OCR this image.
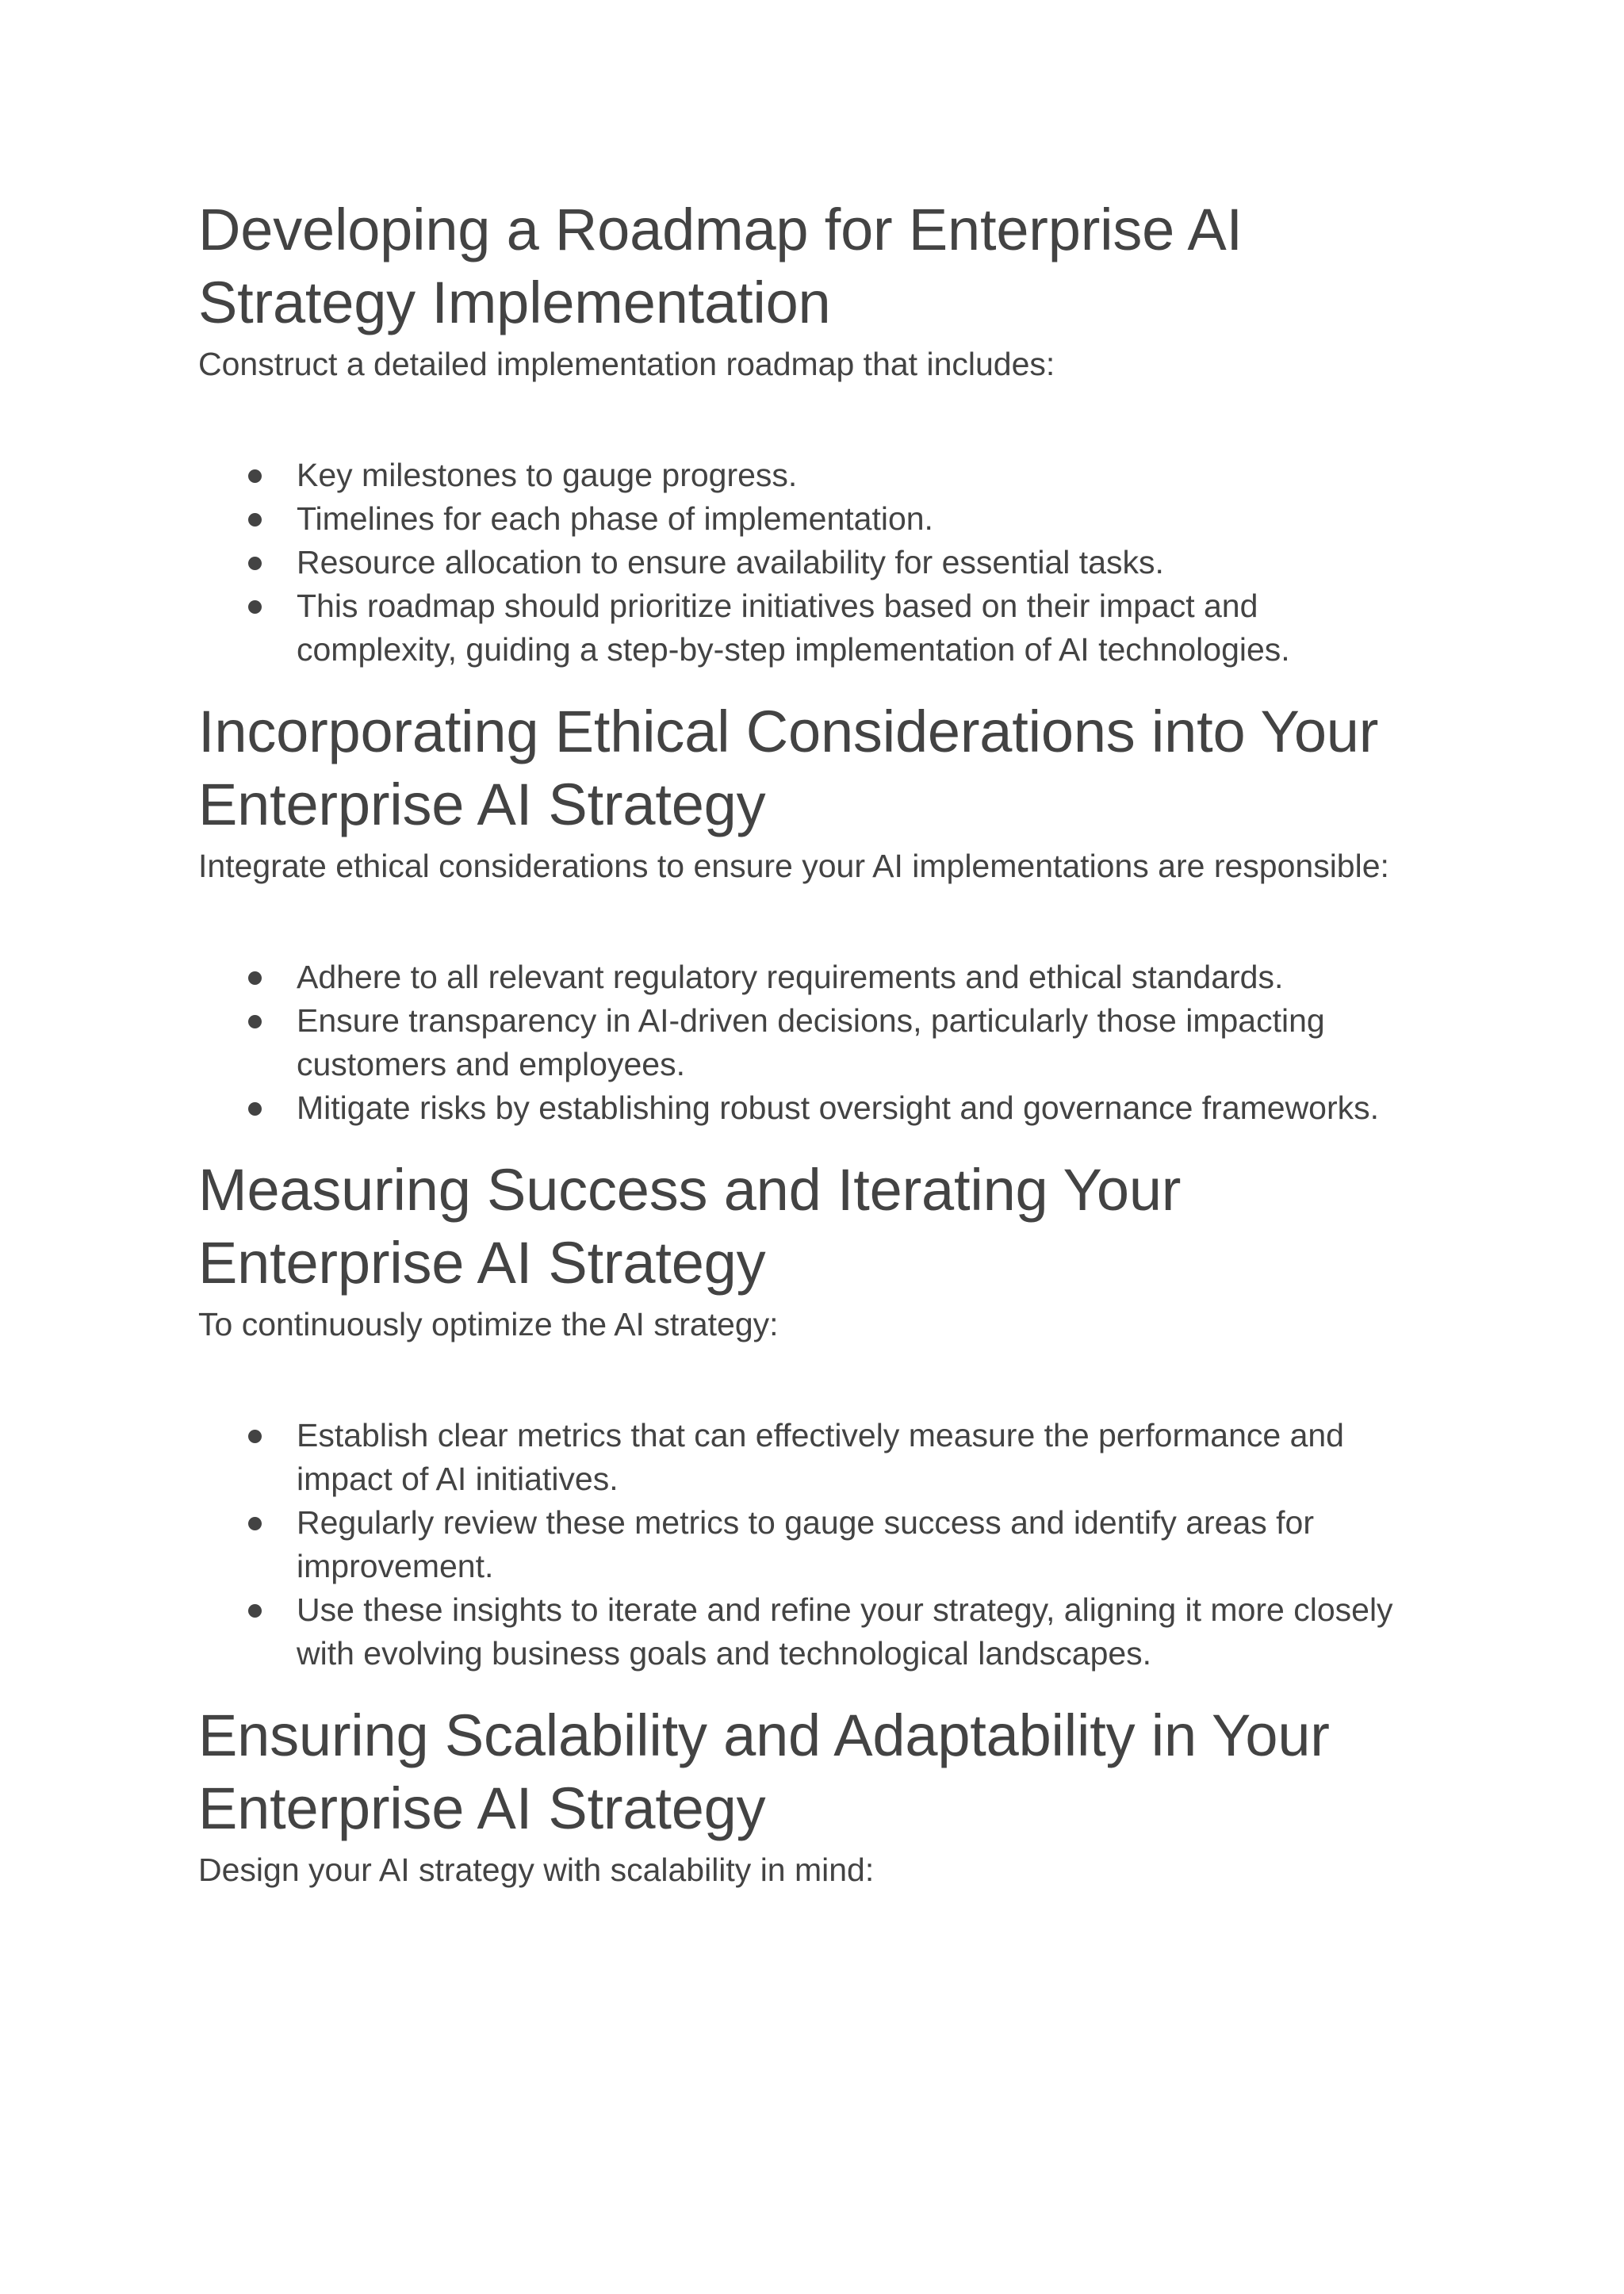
Developing a Roadmap for Enterprise AI Strategy Implementation

Construct a detailed implementation roadmap that includes:

Key milestones to gauge progress.
Timelines for each phase of implementation.
Resource allocation to ensure availability for essential tasks.
This roadmap should prioritize initiatives based on their impact and complexity, guiding a step-by-step implementation of AI technologies.
Incorporating Ethical Considerations into Your Enterprise AI Strategy

Integrate ethical considerations to ensure your AI implementations are responsible:

Adhere to all relevant regulatory requirements and ethical standards.
Ensure transparency in AI-driven decisions, particularly those impacting customers and employees.
Mitigate risks by establishing robust oversight and governance frameworks.
Measuring Success and Iterating Your Enterprise AI Strategy

To continuously optimize the AI strategy:

Establish clear metrics that can effectively measure the performance and impact of AI initiatives.
Regularly review these metrics to gauge success and identify areas for improvement.
Use these insights to iterate and refine your strategy, aligning it more closely with evolving business goals and technological landscapes.
Ensuring Scalability and Adaptability in Your Enterprise AI Strategy

Design your AI strategy with scalability in mind:
